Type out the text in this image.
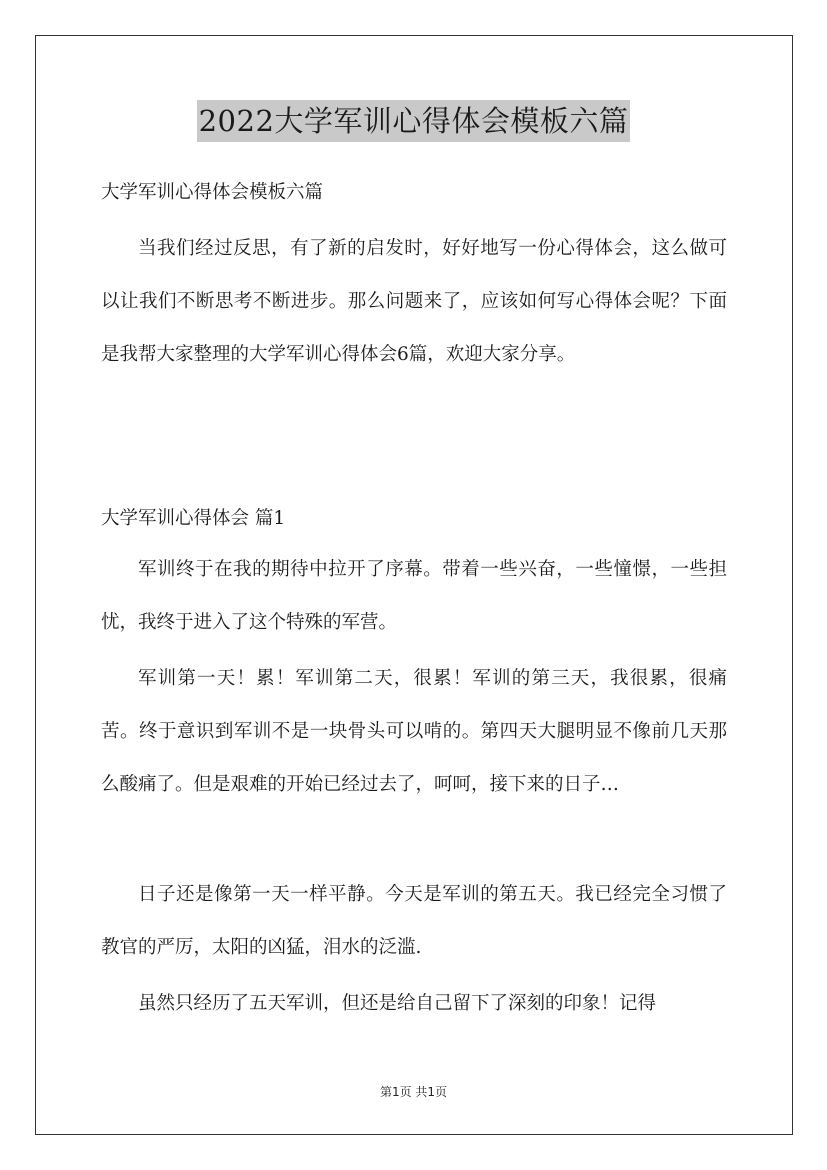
2022大学军训心得体会模板六篇

大学军训心得体会模板六篇

当我们经过反思，有了新的启发时，好好地写一份心得体会，这么做可以让我们不断思考不断进步。那么问题来了，应该如何写心得体会呢？下面是我帮大家整理的大学军训心得体会6篇，欢迎大家分享。

大学军训心得体会 篇1

军训终于在我的期待中拉开了序幕。带着一些兴奋，一些憧憬，一些担忧，我终于进入了这个特殊的军营。

军训第一天！累！军训第二天，很累！军训的第三天，我很累，很痛苦。终于意识到军训不是一块骨头可以啃的。第四天大腿明显不像前几天那么酸痛了。但是艰难的开始已经过去了，呵呵，接下来的日子…

日子还是像第一天一样平静。今天是军训的第五天。我已经完全习惯了教官的严厉，太阳的凶猛，泪水的泛滥.

虽然只经历了五天军训，但还是给自己留下了深刻的印象！记得

第1页 共1页
